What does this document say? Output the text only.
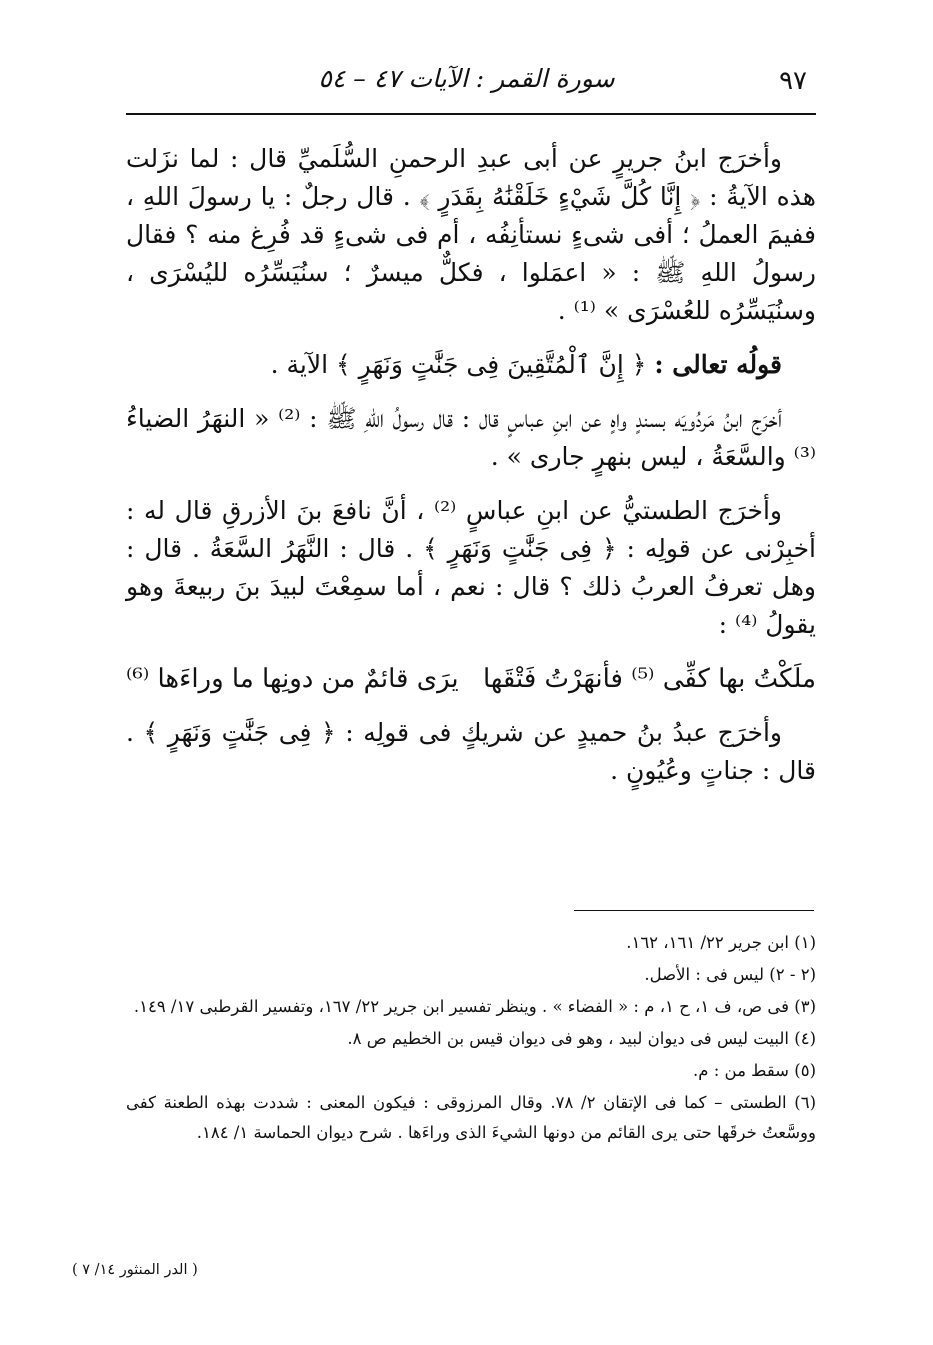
٩٧
سورة القمر : الآيات ٤٧ – ٥٤

وأخرَج ابنُ جريرٍ عن أبى عبدِ الرحمنِ السُّلَميِّ قال : لما نزَلت هذه الآيةُ : ﴿ إِنَّا كُلَّ شَيْءٍ خَلَقْنَٰهُ بِقَدَرٍ ﴾ . قال رجلٌ : يا رسولَ اللهِ ، ففيمَ العملُ ؛ أفى شىءٍ نستأنِفُه ، أم فى شىءٍ قد فُرِغ منه ؟ فقال رسولُ اللهِ ﷺ : « اعمَلوا ، فكلٌّ ميسرٌ ؛ سنُيَسِّرُه لليُسْرَى ، وسنُيَسِّرُه للعُسْرَى » ⁽¹⁾ .

قولُه تعالى : ﴿ إِنَّ ٱلْمُتَّقِينَ فِى جَنَّٰتٍ وَنَهَرٍ ﴾ الآية .

أخرَج ابنُ مَردُويَه بسندٍ واهٍ عن ابنِ عباسٍ قال : قال رسولُ اللهِ ﷺ : ⁽²⁾ « النهَرُ الضياءُ ⁽³⁾ والسَّعَةُ ، ليس بنهرٍ جارى » .

وأخرَج الطستيُّ عن ابنِ عباسٍ ⁽²⁾ ، أنَّ نافعَ بنَ الأزرقِ قال له : أخبِرْنى عن قولِه : ﴿ فِى جَنَّٰتٍ وَنَهَرٍ ﴾ . قال : النَّهَرُ السَّعَةُ . قال : وهل تعرفُ العربُ ذلك ؟ قال : نعم ، أما سمِعْتَ لبيدَ بنَ ربيعةَ وهو يقولُ ⁽⁴⁾ :

ملَكْتُ بها كفِّى ⁽⁵⁾ فأنهَرْتُ فَتْقَها
يرَى قائمٌ من دونِها ما وراءَها ⁽⁶⁾

وأخرَج عبدُ بنُ حميدٍ عن شريكٍ فى قولِه : ﴿ فِى جَنَّٰتٍ وَنَهَرٍ ﴾ . قال : جناتٍ وعُيُونٍ .

(١) ابن جرير ٢٢/ ١٦١، ١٦٢.

(٢ - ٢) ليس فى : الأصل.

(٣) فى ص، ف ١، ح ١، م : « الفضاء » . وينظر تفسير ابن جرير ٢٢/ ١٦٧، وتفسير القرطبى ١٧/ ١٤٩.

(٤) البيت ليس فى ديوان لبيد ، وهو فى ديوان قيس بن الخطيم ص ٨.

(٥) سقط من : م.

(٦) الطستى – كما فى الإتقان ٢/ ٧٨. وقال المرزوقى : فيكون المعنى : شددت بهذه الطعنة كفى ووسَّعتُ خرقَها حتى يرى القائم من دونها الشيءَ الذى وراءَها . شرح ديوان الحماسة ١/ ١٨٤.

( الدر المنثور ١٤/ ٧ )
